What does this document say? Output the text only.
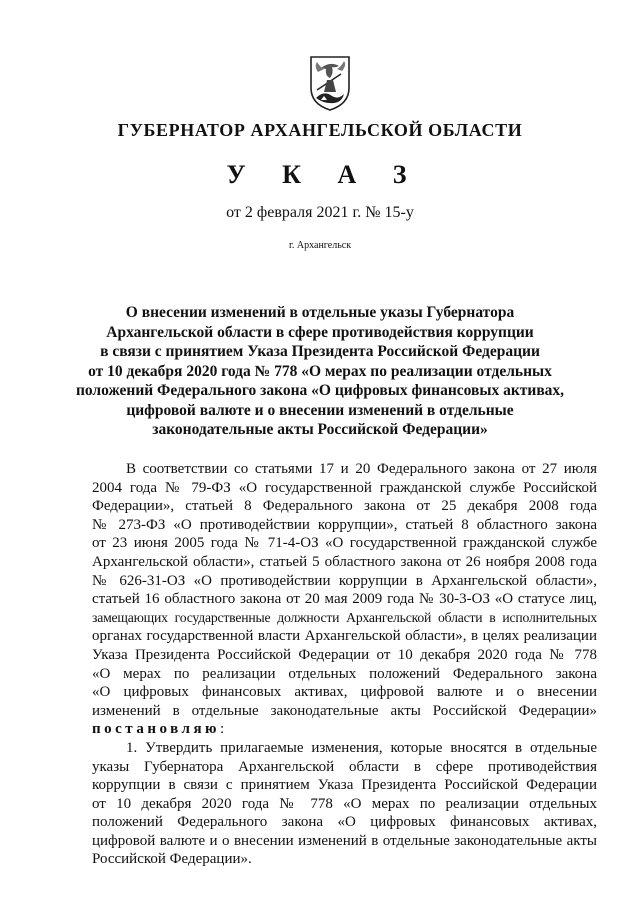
ГУБЕРНАТОР АРХАНГЕЛЬСКОЙ ОБЛАСТИ
У К А З
от 2 февраля 2021 г. № 15-у
г. Архангельск
О внесении изменений в отдельные указы Губернатора
Архангельской области в сфере противодействия коррупции
в связи с принятием Указа Президента Российской Федерации
от 10 декабря 2020 года № 778 «О мерах по реализации отдельных
положений Федерального закона «О цифровых финансовых активах,
цифровой валюте и о внесении изменений в отдельные
законодательные акты Российской Федерации»
В соответствии со статьями 17 и 20 Федерального закона от 27 июля
2004 года № 79-ФЗ «О государственной гражданской службе Российской
Федерации», статьей 8 Федерального закона от 25 декабря 2008 года
№ 273-ФЗ «О противодействии коррупции», статьей 8 областного закона
от 23 июня 2005 года № 71-4-ОЗ «О государственной гражданской службе
Архангельской области», статьей 5 областного закона от 26 ноября 2008 года
№ 626-31-ОЗ «О противодействии коррупции в Архангельской области»,
статьей 16 областного закона от 20 мая 2009 года № 30-3-ОЗ «О статусе лиц,
замещающих государственные должности Архангельской области в исполнительных
органах государственной власти Архангельской области», в целях реализации
Указа Президента Российской Федерации от 10 декабря 2020 года № 778
«О мерах по реализации отдельных положений Федерального закона
«О цифровых финансовых активах, цифровой валюте и о внесении
изменений в отдельные законодательные акты Российской Федерации»
постановляю:
1. Утвердить прилагаемые изменения, которые вносятся в отдельные
указы Губернатора Архангельской области в сфере противодействия
коррупции в связи с принятием Указа Президента Российской Федерации
от 10 декабря 2020 года № 778 «О мерах по реализации отдельных
положений Федерального закона «О цифровых финансовых активах,
цифровой валюте и о внесении изменений в отдельные законодательные акты
Российской Федерации».
